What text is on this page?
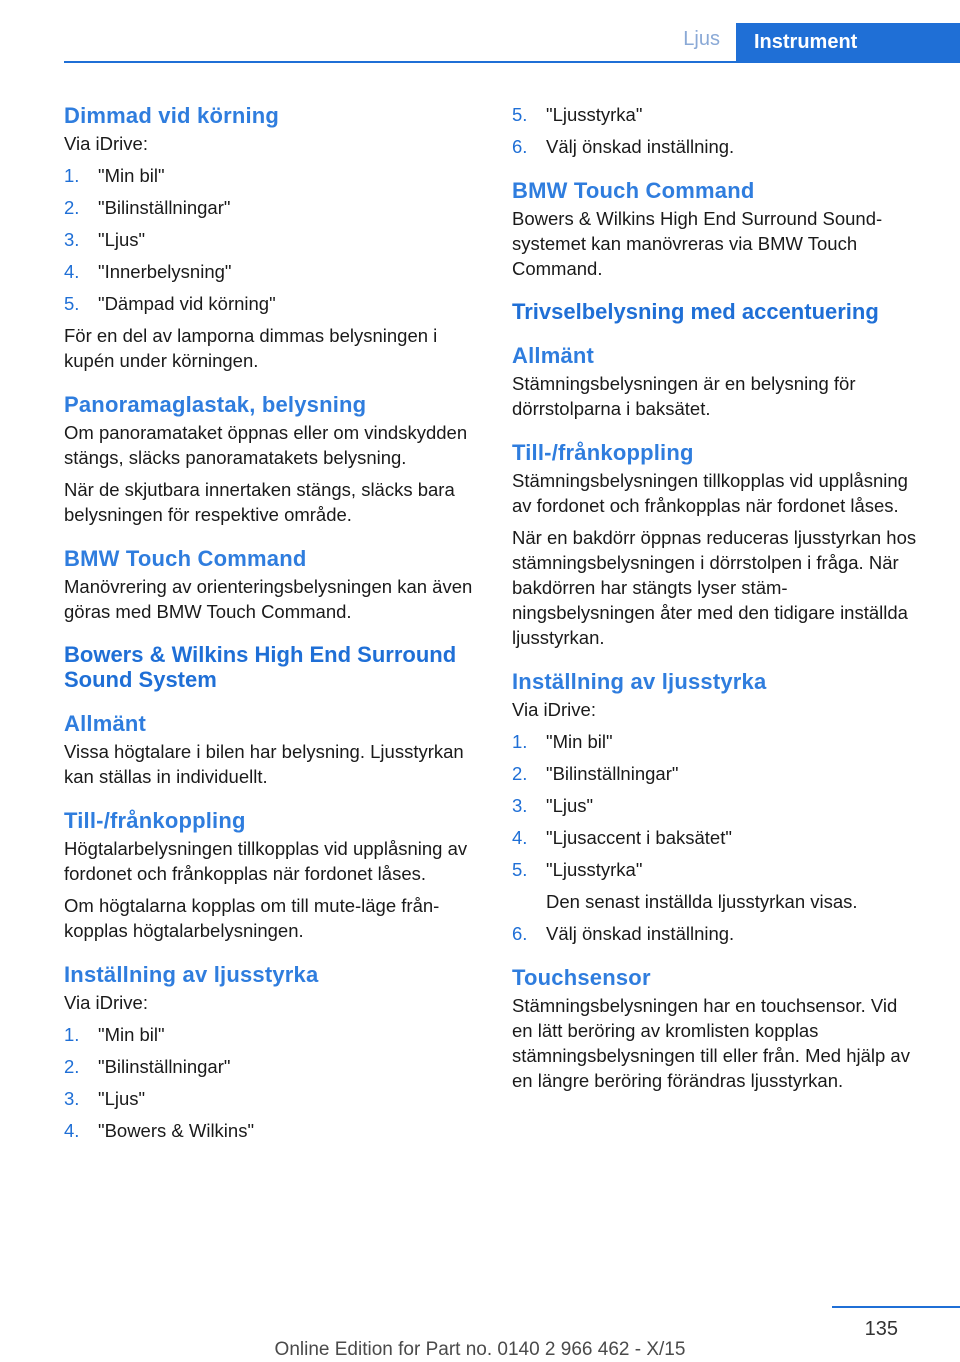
Ljus	Instrument
Dimmad vid körning

Via iDrive:

1. "Min bil"
2. "Bilinställningar"
3. "Ljus"
4. "Innerbelysning"
5. "Dämpad vid körning"

För en del av lamporna dimmas belysningen i kupén under körningen.

Panoramaglastak, belysning

Om panoramataket öppnas eller om vindskydden stängs, släcks panoramatakets belysning.

När de skjutbara innertaken stängs, släcks bara belysningen för respektive område.

BMW Touch Command

Manövrering av orienteringsbelysningen kan även göras med BMW Touch Command.

Bowers & Wilkins High End Surround Sound System
Allmänt

Vissa högtalare i bilen har belysning. Ljusstyrkan kan ställas in individuellt.

Till-/frånkoppling

Högtalarbelysningen tillkopplas vid upplåsning av fordonet och frånkopplas när fordonet låses.

Om högtalarna kopplas om till mute-läge frånkopplas högtalarbelysningen.

Inställning av ljusstyrka

Via iDrive:

1. "Min bil"
2. "Bilinställningar"
3. "Ljus"
4. "Bowers & Wilkins"
5. "Ljusstyrka"
6. Välj önskad inställning.
BMW Touch Command

Bowers & Wilkins High End Surround Soundsystemet kan manövreras via BMW Touch Command.

Trivselbelysning med accentuering
Allmänt

Stämningsbelysningen är en belysning för dörrstolparna i baksätet.

Till-/frånkoppling

Stämningsbelysningen tillkopplas vid upplåsning av fordonet och frånkopplas när fordonet låses.

När en bakdörr öppnas reduceras ljusstyrkan hos stämningsbelysningen i dörrstolpen i fråga. När bakdörren har stängts lyser stämningsbelysningen åter med den tidigare inställda ljusstyrkan.

Inställning av ljusstyrka

Via iDrive:

1. "Min bil"
2. "Bilinställningar"
3. "Ljus"
4. "Ljusaccent i baksätet"
5. "Ljusstyrka"
Den senast inställda ljusstyrkan visas.
6. Välj önskad inställning.
Touchsensor

Stämningsbelysningen har en touchsensor. Vid en lätt beröring av kromlisten kopplas stämningsbelysningen till eller från. Med hjälp av en längre beröring förändras ljusstyrkan.

135
Online Edition for Part no. 0140 2 966 462 - X/15
